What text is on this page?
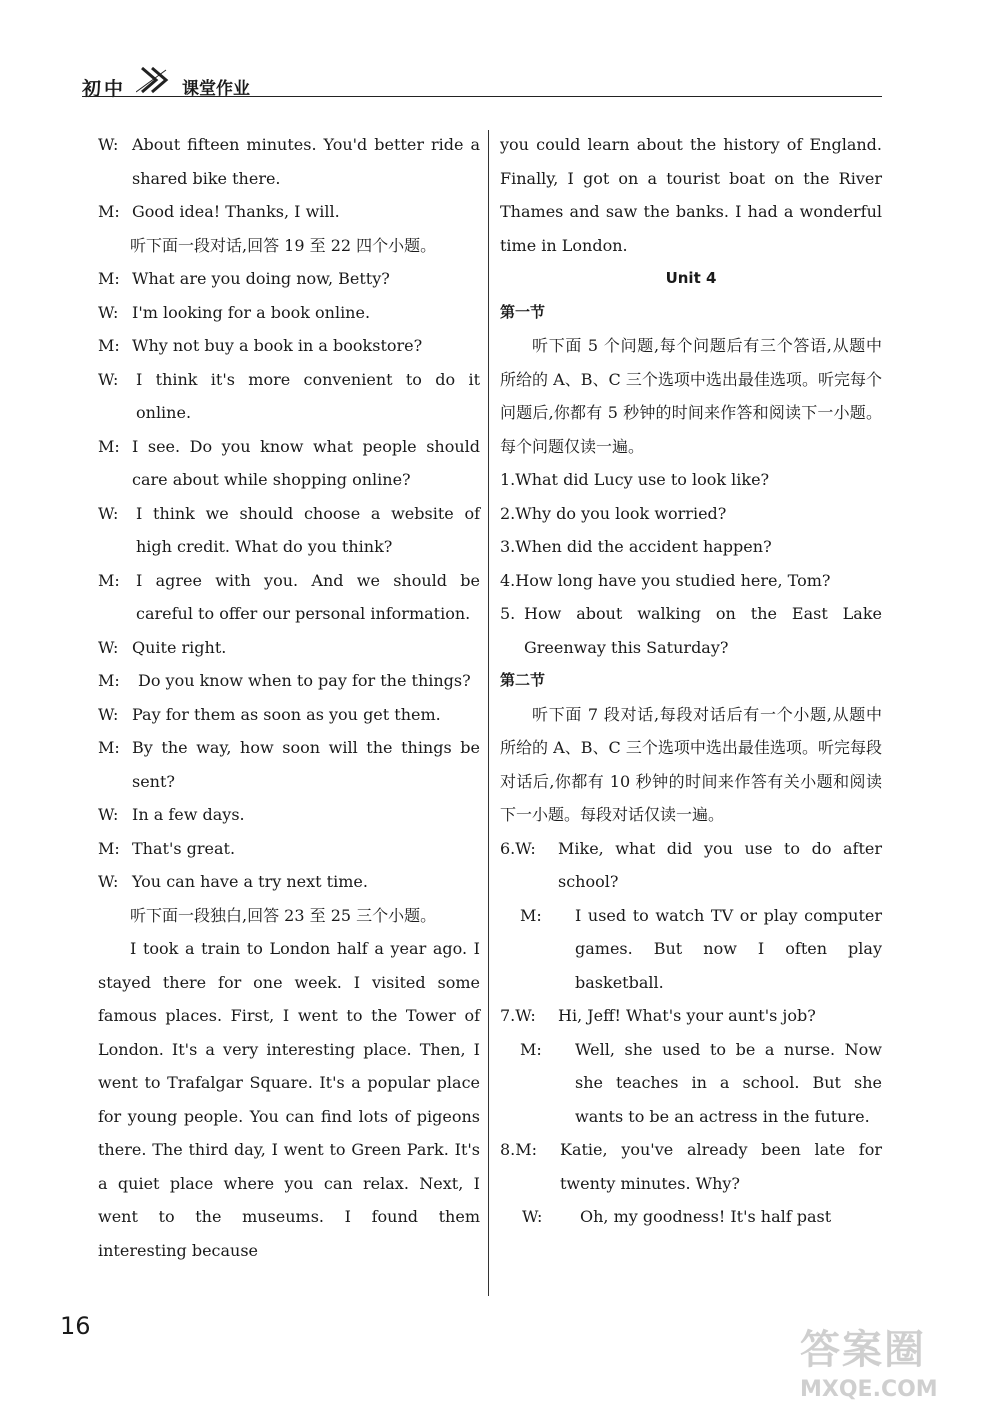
初中	课堂作业
W: About fifteen minutes. You'd better ride a shared bike there.
M: Good idea! Thanks, I will.
听下面一段对话,回答 19 至 22 四个小题。
M: What are you doing now, Betty?
W: I'm looking for a book online.
M: Why not buy a book in a bookstore?
W:	I think it's more convenient to do it online.
M: I see. Do you know what people should care about while shopping online?
W:	I think we should choose a website of high credit. What do you think?
M:	I agree with you. And we should be careful to offer our personal information.
W: Quite right.
M:	Do you know when to pay for the things?
W: Pay for them as soon as you get them.
M: By the way, how soon will the things be sent?
W: In a few days.
M: That's great.
W: You can have a try next time.
听下面一段独白,回答 23 至 25 三个小题。
I took a train to London half a year ago. I stayed there for one week. I visited some famous places. First, I went to the Tower of London. It's a very interesting place. Then, I went to Trafalgar Square. It's a popular place for young people. You can find lots of pigeons there. The third day, I went to Green Park. It's a quiet place where you can relax. Next, I went to the museums. I found them interesting because
you could learn about the history of England. Finally, I got on a tourist boat on the River Thames and saw the banks. I had a wonderful time in London.
Unit 4
第一节
听下面 5 个问题,每个问题后有三个答语,从题中所给的 A、B、C 三个选项中选出最佳选项。听完每个问题后,你都有 5 秒钟的时间来作答和阅读下一小题。每个问题仅读一遍。
1.What did Lucy use to look like?
2.Why do you look worried?
3.When did the accident happen?
4.How long have you studied here, Tom?
5. How about walking on the East Lake Greenway this Saturday?
第二节
听下面 7 段对话,每段对话后有一个小题,从题中所给的 A、B、C 三个选项中选出最佳选项。听完每段对话后,你都有 10 秒钟的时间来作答有关小题和阅读下一小题。每段对话仅读一遍。
6.W:	Mike, what did you use to do after school?
M:	I used to watch TV or play computer games. But now I often play basketball.
7.W:	Hi, Jeff! What's your aunt's job?
M:	Well, she used to be a nurse. Now she teaches in a school. But she wants to be an actress in the future.
8.M:	Katie, you've already been late for twenty minutes. Why?
W:	Oh, my goodness! It's half past
16
答案圈
MXQE.COM
